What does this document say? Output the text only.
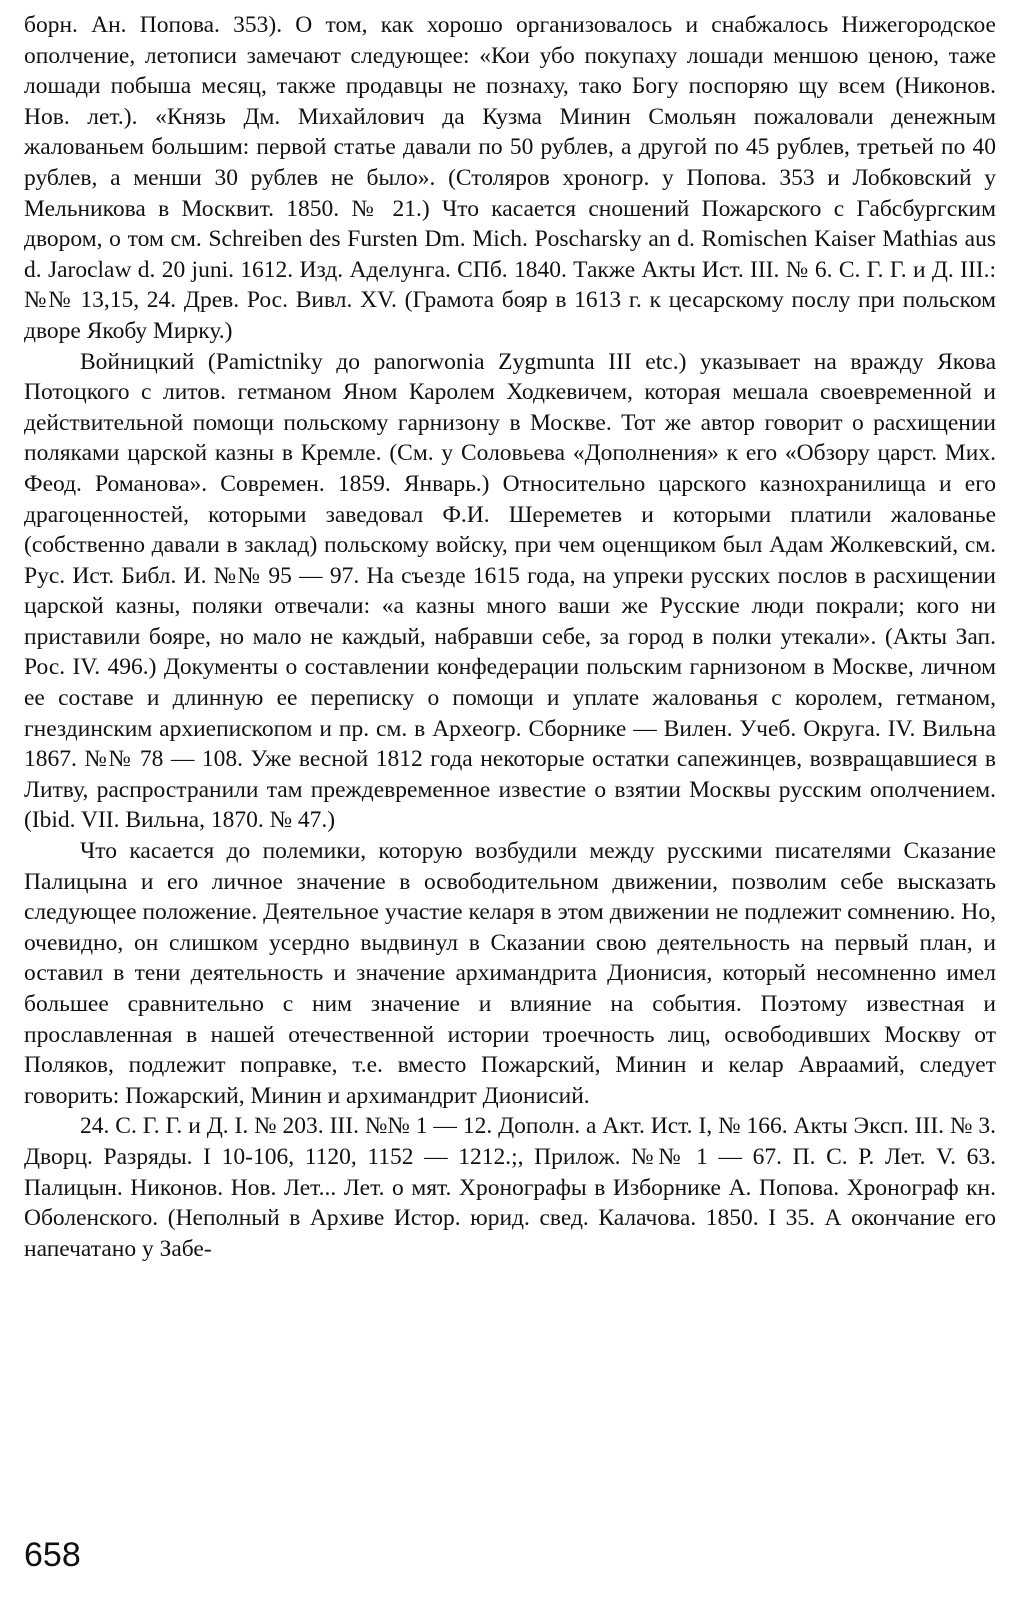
борн. Ан. Попова. 353). О том, как хорошо организовалось и снабжалось Нижегородское ополчение, летописи замечают следующее: «Кои убо покупаху лошади меншою ценою, таже лошади побыша месяц, также продавцы не познаху, тако Богу поспоряю щу всем (Никонов. Нов. лет.). «Князь Дм. Михайлович да Кузма Минин Смольян пожаловали денежным жалованьем большим: первой статье давали по 50 рублев, а другой по 45 рублев, третьей по 40 рублев, а менши 30 рублев не было». (Столяров хроногр. у Попова. 353 и Лобковский у Мельникова в Москвит. 1850. № 21.) Что касается сношений Пожарского с Габсбургским двором, о том см. Schreiben des Fursten Dm. Mich. Poscharsky an d. Romischen Kaiser Mathias aus d. Jaroclaw d. 20 juni. 1612. Изд. Аделунга. СПб. 1840. Также Акты Ист. III. № 6. С. Г. Г. и Д. III.: №№ 13,15, 24. Древ. Рос. Вивл. XV. (Грамота бояр в 1613 г. к цесарскому послу при польском дворе Якобу Мирку.)

Войницкий (Pamictniky до panorwonia Zygmunta III etc.) указывает на вражду Якова Потоцкого с литов. гетманом Яном Каролем Ходкевичем, которая мешала своевременной и действительной помощи польскому гарнизону в Москве. Тот же автор говорит о расхищении поляками царской казны в Кремле. (См. у Соловьева «Дополнения» к его «Обзору царст. Мих. Феод. Романова». Современ. 1859. Январь.) Относительно царского казнохранилища и его драгоценностей, которыми заведовал Ф.И. Шереметев и которыми платили жалованье (собственно давали в заклад) польскому войску, при чем оценщиком был Адам Жолкевский, см. Рус. Ист. Библ. И. №№ 95 — 97. На съезде 1615 года, на упреки русских послов в расхищении царской казны, поляки отвечали: «а казны много ваши же Русские люди покрали; кого ни приставили бояре, но мало не каждый, набравши себе, за город в полки утекали». (Акты Зап. Рос. IV. 496.) Документы о составлении конфедерации польским гарнизоном в Москве, личном ее составе и длинную ее переписку о помощи и уплате жалованья с королем, гетманом, гнездинским архиепископом и пр. см. в Археогр. Сборнике — Вилен. Учеб. Округа. IV. Вильна 1867. №№ 78 — 108. Уже весной 1812 года некоторые остатки сапежинцев, возвращавшиеся в Литву, распространили там преждевременное известие о взятии Москвы русским ополчением. (Ibid. VII. Вильна, 1870. № 47.)

Что касается до полемики, которую возбудили между русскими писателями Сказание Палицына и его личное значение в освободительном движении, позволим себе высказать следующее положение. Деятельное участие келаря в этом движении не подлежит сомнению. Но, очевидно, он слишком усердно выдвинул в Сказании свою деятельность на первый план, и оставил в тени деятельность и значение архимандрита Дионисия, который несомненно имел большее сравнительно с ним значение и влияние на события. Поэтому известная и прославленная в нашей отечественной истории троечнoсть лиц, освободивших Москву от Поляков, подлежит поправке, т.е. вместо Пожарский, Минин и келар Авраамий, следует говорить: Пожарский, Минин и архимандрит Дионисий.

24. С. Г. Г. и Д. I. № 203. III. №№ 1 — 12. Дополн. а Акт. Ист. I, № 166. Акты Эксп. III. № 3. Дворц. Разряды. I 10-106, 1120, 1152 — 1212.;, Прилож. №№ 1 — 67. П. С. Р. Лет. V. 63. Палицын. Никонов. Нов. Лет... Лет. о мят. Хронографы в Изборнике А. Попова. Хронограф кн. Оболенского. (Неполный в Архиве Истор. юрид. свед. Калачова. 1850. I 35. А окончание его напечатано у Забе-

658
